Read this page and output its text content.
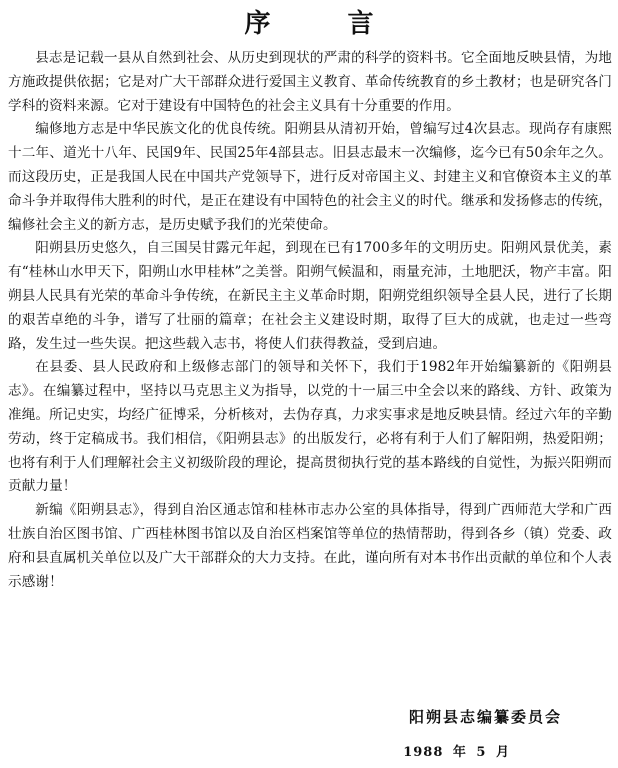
序 言

县志是记载一县从自然到社会、从历史到现状的严肃的科学的资料书。它全面地反映县情，为地方施政提供依据；它是对广大干部群众进行爱国主义教育、革命传统教育的乡土教材；也是研究各门学科的资料来源。它对于建设有中国特色的社会主义具有十分重要的作用。

编修地方志是中华民族文化的优良传统。阳朔县从清初开始，曾编写过4次县志。现尚存有康熙十二年、道光十八年、民国9年、民国25年4部县志。旧县志最末一次编修，迄今已有50余年之久。而这段历史，正是我国人民在中国共产党领导下，进行反对帝国主义、封建主义和官僚资本主义的革命斗争并取得伟大胜利的时代，是正在建设有中国特色的社会主义的时代。继承和发扬修志的传统，编修社会主义的新方志，是历史赋予我们的光荣使命。

阳朔县历史悠久，自三国吴甘露元年起，到现在已有1700多年的文明历史。阳朔风景优美，素有“桂林山水甲天下，阳朔山水甲桂林”之美誉。阳朔气候温和，雨量充沛，土地肥沃，物产丰富。阳朔县人民具有光荣的革命斗争传统，在新民主主义革命时期，阳朔党组织领导全县人民，进行了长期的艰苦卓绝的斗争，谱写了壮丽的篇章；在社会主义建设时期，取得了巨大的成就，也走过一些弯路，发生过一些失误。把这些载入志书，将使人们获得教益，受到启迪。

在县委、县人民政府和上级修志部门的领导和关怀下，我们于1982年开始编纂新的《阳朔县志》。在编纂过程中，坚持以马克思主义为指导，以党的十一届三中全会以来的路线、方针、政策为准绳。所记史实，均经广征博采，分析核对，去伪存真，力求实事求是地反映县情。经过六年的辛勤劳动，终于定稿成书。我们相信，《阳朔县志》的出版发行，必将有利于人们了解阳朔，热爱阳朔；也将有利于人们理解社会主义初级阶段的理论，提高贯彻执行党的基本路线的自觉性，为振兴阳朔而贡献力量！

新编《阳朔县志》，得到自治区通志馆和桂林市志办公室的具体指导，得到广西师范大学和广西壮族自治区图书馆、广西桂林图书馆以及自治区档案馆等单位的热情帮助，得到各乡（镇）党委、政府和县直属机关单位以及广大干部群众的大力支持。在此，谨向所有对本书作出贡献的单位和个人表示感谢！

阳朔县志编纂委员会
1988 年 5 月
